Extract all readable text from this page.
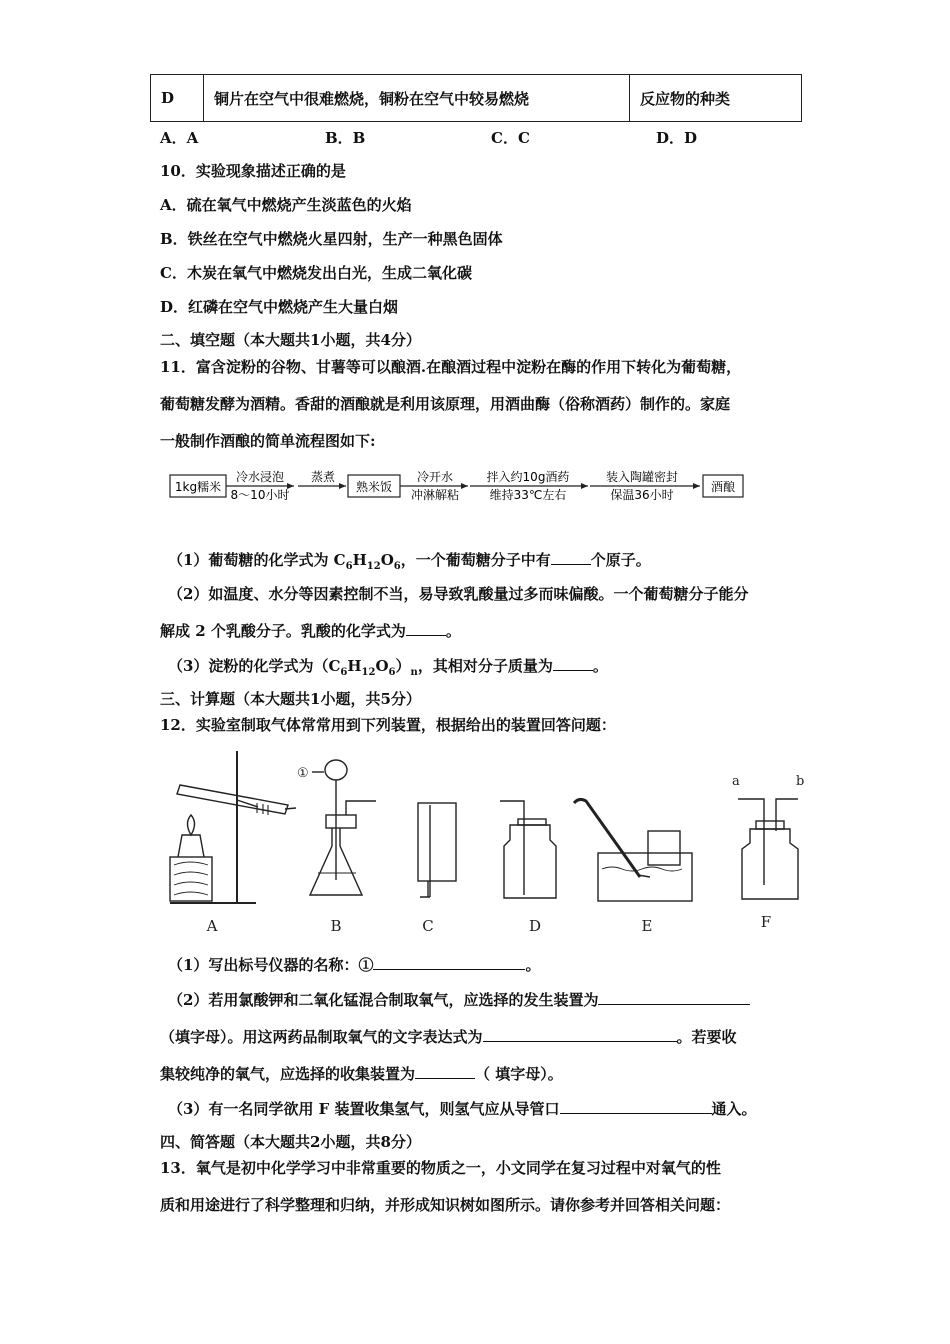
D	铜片在空气中很难燃烧，铜粉在空气中较易燃烧	反应物的种类
A．A	B．B	C．C	D．D
10．实验现象描述正确的是
A．硫在氧气中燃烧产生淡蓝色的火焰
B．铁丝在空气中燃烧火星四射，生产一种黑色固体
C．木炭在氧气中燃烧发出白光，生成二氧化碳
D．红磷在空气中燃烧产生大量白烟
二、填空题（本大题共1小题，共4分）
11．富含淀粉的谷物、甘薯等可以酿酒.在酿酒过程中淀粉在酶的作用下转化为葡萄糖，
葡萄糖发酵为酒精。香甜的酒酿就是利用该原理，用酒曲酶（俗称酒药）制作的。家庭
一般制作酒酿的简单流程图如下:
1kg糯米
冷水浸泡
8～10小时
蒸煮
熟米饭
冷开水
冲淋解粘
拌入约10g酒药
维持33℃左右
装入陶罐密封
保温36小时
酒酿
（1）葡萄糖的化学式为 $C_6H_{12}O_6$，一个葡萄糖分子中有	个原子。
（2）如温度、水分等因素控制不当，易导致乳酸量过多而味偏酸。一个葡萄糖分子能分
解成 2 个乳酸分子。乳酸的化学式为	。
（3）淀粉的化学式为$(C_6H_{12}O_6)_n$，其相对分子质量为	。
三、计算题（本大题共1小题，共5分）
12．实验室制取气体常常用到下列装置，根据给出的装置回答问题：
A
①
B	C	D	E
a	b
F
（1）写出标号仪器的名称：①	。
（2）若用氯酸钾和二氧化锰混合制取氧气，应选择的发生装置为
（填字母）。用这两药品制取氧气的文字表达式为	。若要收
集较纯净的氧气，应选择的收集装置为	（ 填字母）。
（3）有一名同学欲用 F 装置收集氢气，则氢气应从导管口	通入。
四、简答题（本大题共2小题，共8分）
13．氧气是初中化学学习中非常重要的物质之一，小文同学在复习过程中对氧气的性
质和用途进行了科学整理和归纳，并形成知识树如图所示。请你参考并回答相关问题：
